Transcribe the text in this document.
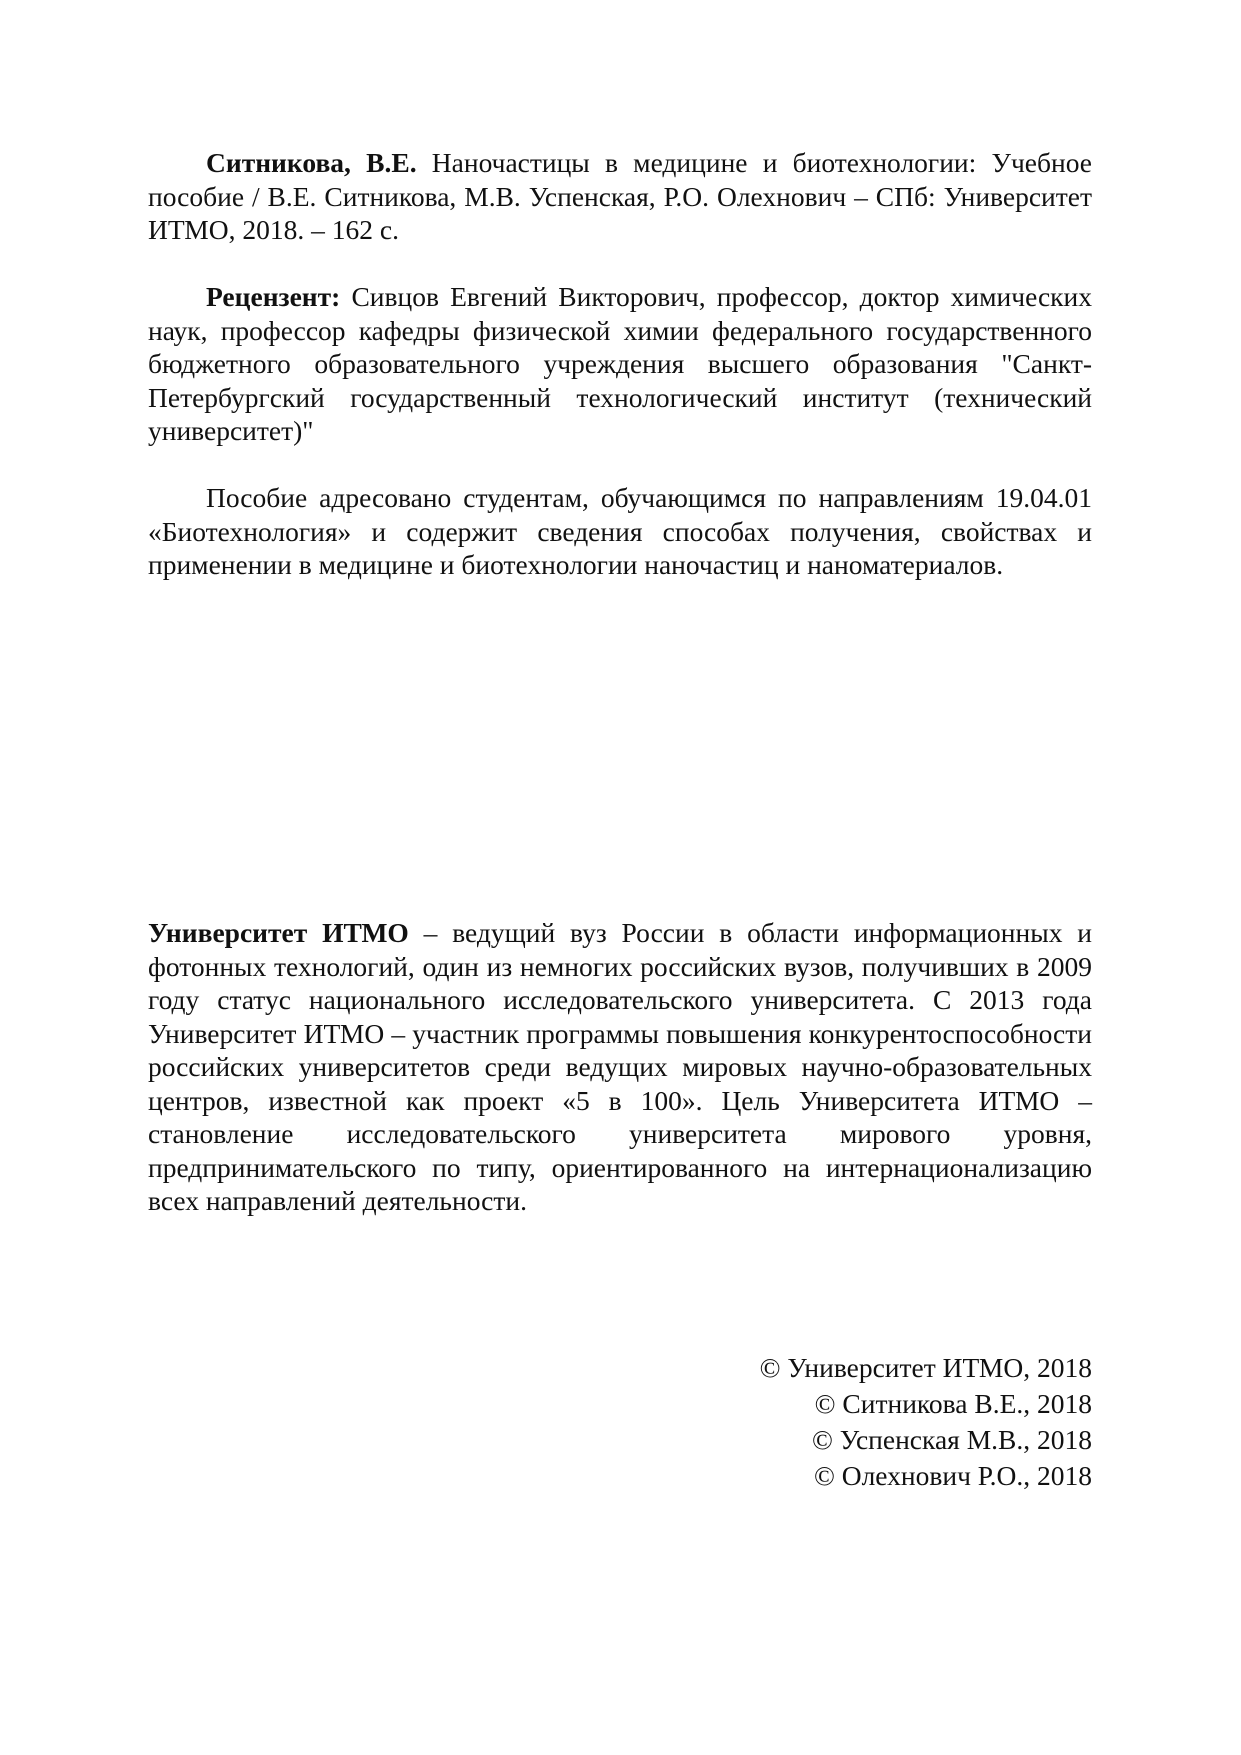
Ситникова, В.Е. Наночастицы в медицине и биотехнологии: Учебное пособие / В.Е. Ситникова, М.В. Успенская, Р.О. Олехнович – СПб: Университет ИТМО, 2018. – 162 с.

Рецензент: Сивцов Евгений Викторович, профессор, доктор химических наук, профессор кафедры физической химии федерального государственного бюджетного образовательного учреждения высшего образования "Санкт-Петербургский государственный технологический институт (технический университет)"

Пособие адресовано студентам, обучающимся по направлениям 19.04.01 «Биотехнология» и содержит сведения способах получения, свойствах и применении в медицине и биотехнологии наночастиц и наноматериалов.

Университет ИТМО – ведущий вуз России в области информационных и фотонных технологий, один из немногих российских вузов, получивших в 2009 году статус национального исследовательского университета. С 2013 года Университет ИТМО – участник программы повышения конкурентоспособности российских университетов среди ведущих мировых научно-образовательных центров, известной как проект «5 в 100». Цель Университета ИТМО – становление исследовательского университета мирового уровня, предпринимательского по типу, ориентированного на интернационализацию всех направлений деятельности.

© Университет ИТМО, 2018
© Ситникова В.Е., 2018
© Успенская М.В., 2018
© Олехнович Р.О., 2018
